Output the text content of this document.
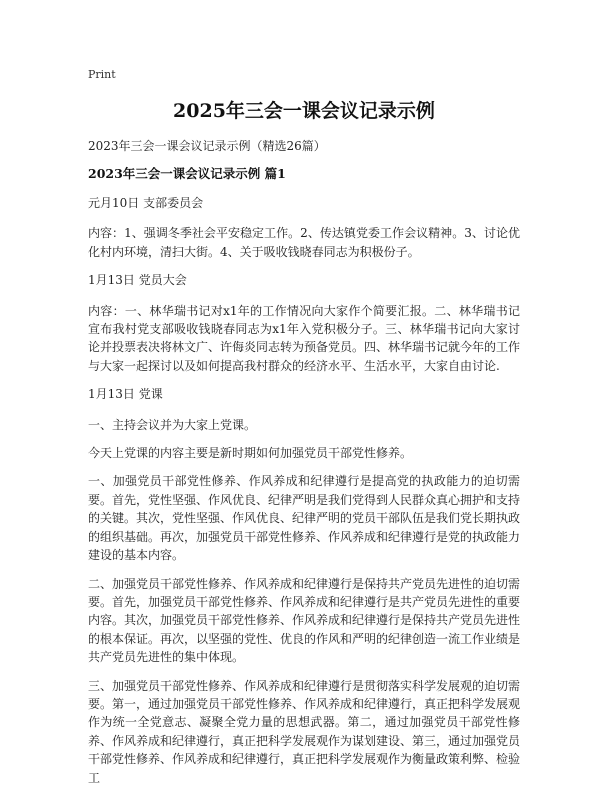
Print
2025年三会一课会议记录示例
2023年三会一课会议记录示例（精选26篇）
2023年三会一课会议记录示例 篇1

元月10日 支部委员会

内容：1、强调冬季社会平安稳定工作。2、传达镇党委工作会议精神。3、讨论优化村内环境，清扫大街。4、关于吸收钱晓春同志为积极份子。

1月13日 党员大会

内容：一、林华瑞书记对x1年的工作情况向大家作个简要汇报。二、林华瑞书记宣布我村党支部吸收钱晓春同志为x1年入党积极分子。三、林华瑞书记向大家讨论并投票表决将林文广、许侮炎同志转为预备党员。四、林华瑞书记就今年的工作与大家一起探讨以及如何提高我村群众的经济水平、生活水平，大家自由讨论.

1月13日 党课

一、主持会议并为大家上党课。

今天上党课的内容主要是新时期如何加强党员干部党性修养。

一、加强党员干部党性修养、作风养成和纪律遵行是提高党的执政能力的迫切需要。首先，党性坚强、作风优良、纪律严明是我们党得到人民群众真心拥护和支持的关键。其次，党性坚强、作风优良、纪律严明的党员干部队伍是我们党长期执政的组织基础。再次，加强党员干部党性修养、作风养成和纪律遵行是党的执政能力建设的基本内容。

二、加强党员干部党性修养、作风养成和纪律遵行是保持共产党员先进性的迫切需要。首先，加强党员干部党性修养、作风养成和纪律遵行是共产党员先进性的重要内容。其次，加强党员干部党性修养、作风养成和纪律遵行是保持共产党员先进性的根本保证。再次，以坚强的党性、优良的作风和严明的纪律创造一流工作业绩是共产党员先进性的集中体现。

三、加强党员干部党性修养、作风养成和纪律遵行是贯彻落实科学发展观的迫切需要。第一，通过加强党员干部党性修养、作风养成和纪律遵行，真正把科学发展观作为统一全党意志、凝聚全党力量的思想武器。第二，通过加强党员干部党性修养、作风养成和纪律遵行，真正把科学发展观作为谋划建设、第三，通过加强党员干部党性修养、作风养成和纪律遵行，真正把科学发展观作为衡量政策利弊、检验工
